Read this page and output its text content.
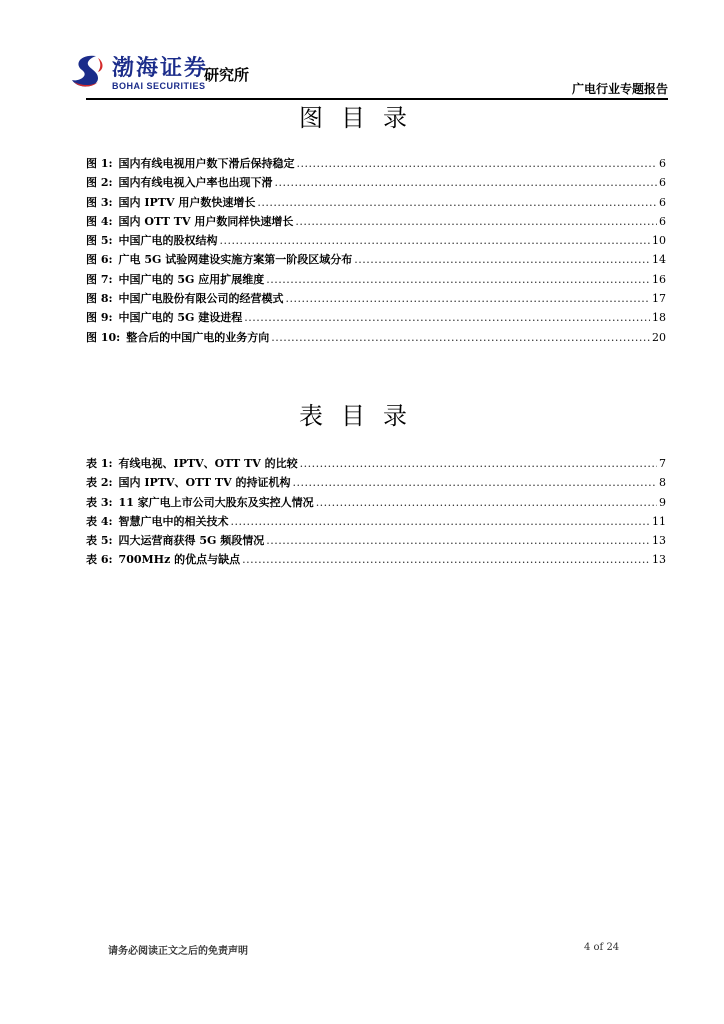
渤海证券
BOHAI SECURITIES
研究所
广电行业专题报告
图目录
图 1: 国内有线电视用户数下滑后保持稳定 .....	6
图 2: 国内有线电视入户率也出现下滑 .....	6
图 3: 国内 IPTV 用户数快速增长 .....	6
图 4: 国内 OTT TV 用户数同样快速增长 .....	6
图 5: 中国广电的股权结构 .....	10
图 6: 广电 5G 试验网建设实施方案第一阶段区域分布 .....	14
图 7: 中国广电的 5G 应用扩展维度 .....	16
图 8: 中国广电股份有限公司的经营模式 .....	17
图 9: 中国广电的 5G 建设进程 .....	18
图 10: 整合后的中国广电的业务方向 .....	20
表目录
表 1: 有线电视、IPTV、OTT TV 的比较 .....	7
表 2: 国内 IPTV、OTT TV 的持证机构 .....	8
表 3: 11 家广电上市公司大股东及实控人情况 .....	9
表 4: 智慧广电中的相关技术 .....	11
表 5: 四大运营商获得 5G 频段情况 .....	13
表 6: 700MHz 的优点与缺点 .....	13
请务必阅读正文之后的免责声明	4 of 24
